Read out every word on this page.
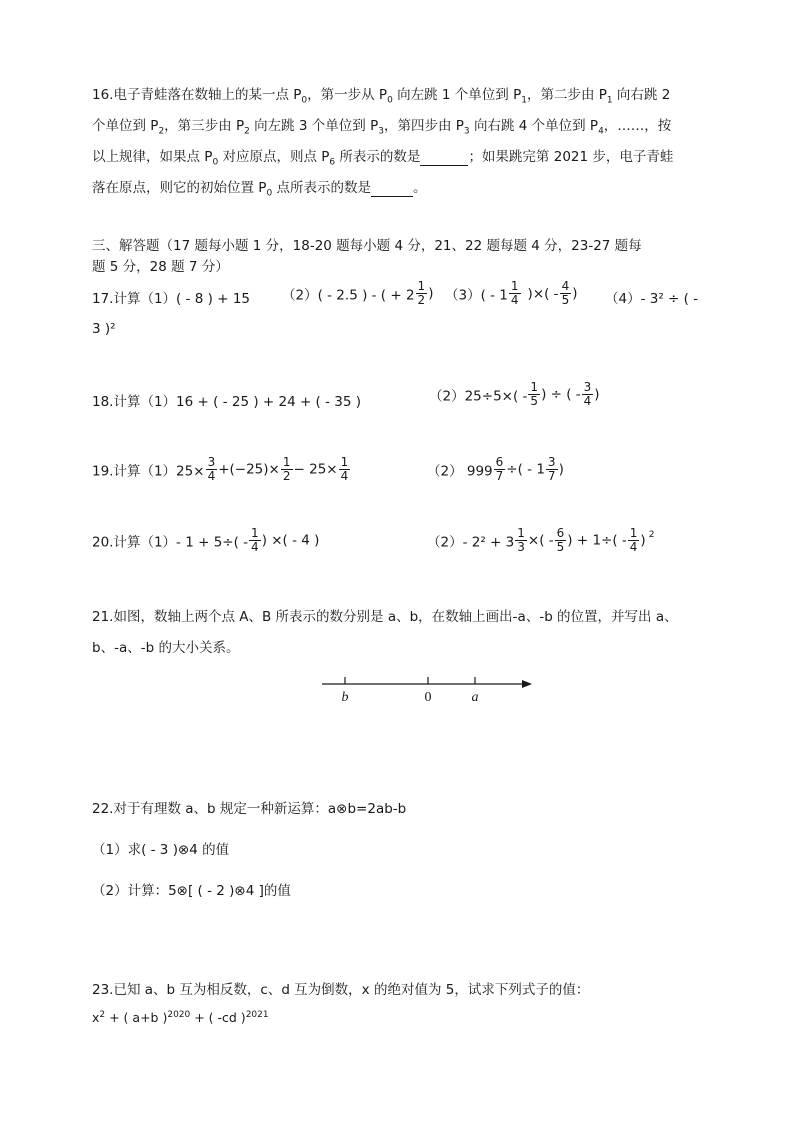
16.电子青蛙落在数轴上的某一点 $P_0$，第一步从 $P_0$ 向左跳 1 个单位到 $P_1$，第二步由 $P_1$ 向右跳 2
个单位到 $P_2$，第三步由 $P_2$ 向左跳 3 个单位到 $P_3$，第四步由 $P_3$ 向右跳 4 个单位到 $P_4$，……，按
以上规律，如果点 $P_0$ 对应原点，则点 $P_6$ 所表示的数是	；如果跳完第 2021 步，电子青蛙
落在原点，则它的初始位置 $P_0$ 点所表示的数是	。
三、解答题（17 题每小题 1 分，18-20 题每小题 4 分，21、22 题每题 4 分，23-27 题每
题 5 分，28 题 7 分）
17.计算（1）( - 8 ) + 15 （2）( - 2.5 ) - ( + $2 \frac{1}{2}$ ) $(3)( - 1 \frac{1}{4}$ )×( - $\frac{4}{5}$ ) （4）- 3² ÷ ( -
3 )²
18.计算（1）16 + ( - 25 ) + 24 + ( - 35 )	$(2)25\div 5\times( - \frac{1}{5}$ ) ÷ ( - $\frac{3}{4}$ )
19.计算$(1)25\times \frac{3}{4} +(-25)\times \frac{1}{2} - 25\times \frac{1}{4}$	（2） $999 \frac{6}{7}$ ÷( - $1 \frac{3}{7}$ )
20.计算（1）- $1 + 5\div( - \frac{1}{4}$ ) ×( - 4 )	（2）- $2^2 + 3 \frac{1}{3}$ ×( - $\frac{6}{5}$ ) + $1\div( - \frac{1}{4}$ ) $^2$
21.如图，数轴上两个点 A、B 所表示的数分别是 a、b，在数轴上画出-a、-b 的位置，并写出 a、
b、-a、-b 的大小关系。
b	0	a
22.对于有理数 a、b 规定一种新运算：a⊗b=2ab-b
（1）求( - 3 )⊗4 的值
（2）计算：5⊗[ ( - 2 )⊗4 ]的值
23.已知 a、b 互为相反数，c、d 互为倒数，x 的绝对值为 5，试求下列式子的值：
$x^2$ + ( a+b )$^{2020}$ + ( -cd )$^{2021}$
